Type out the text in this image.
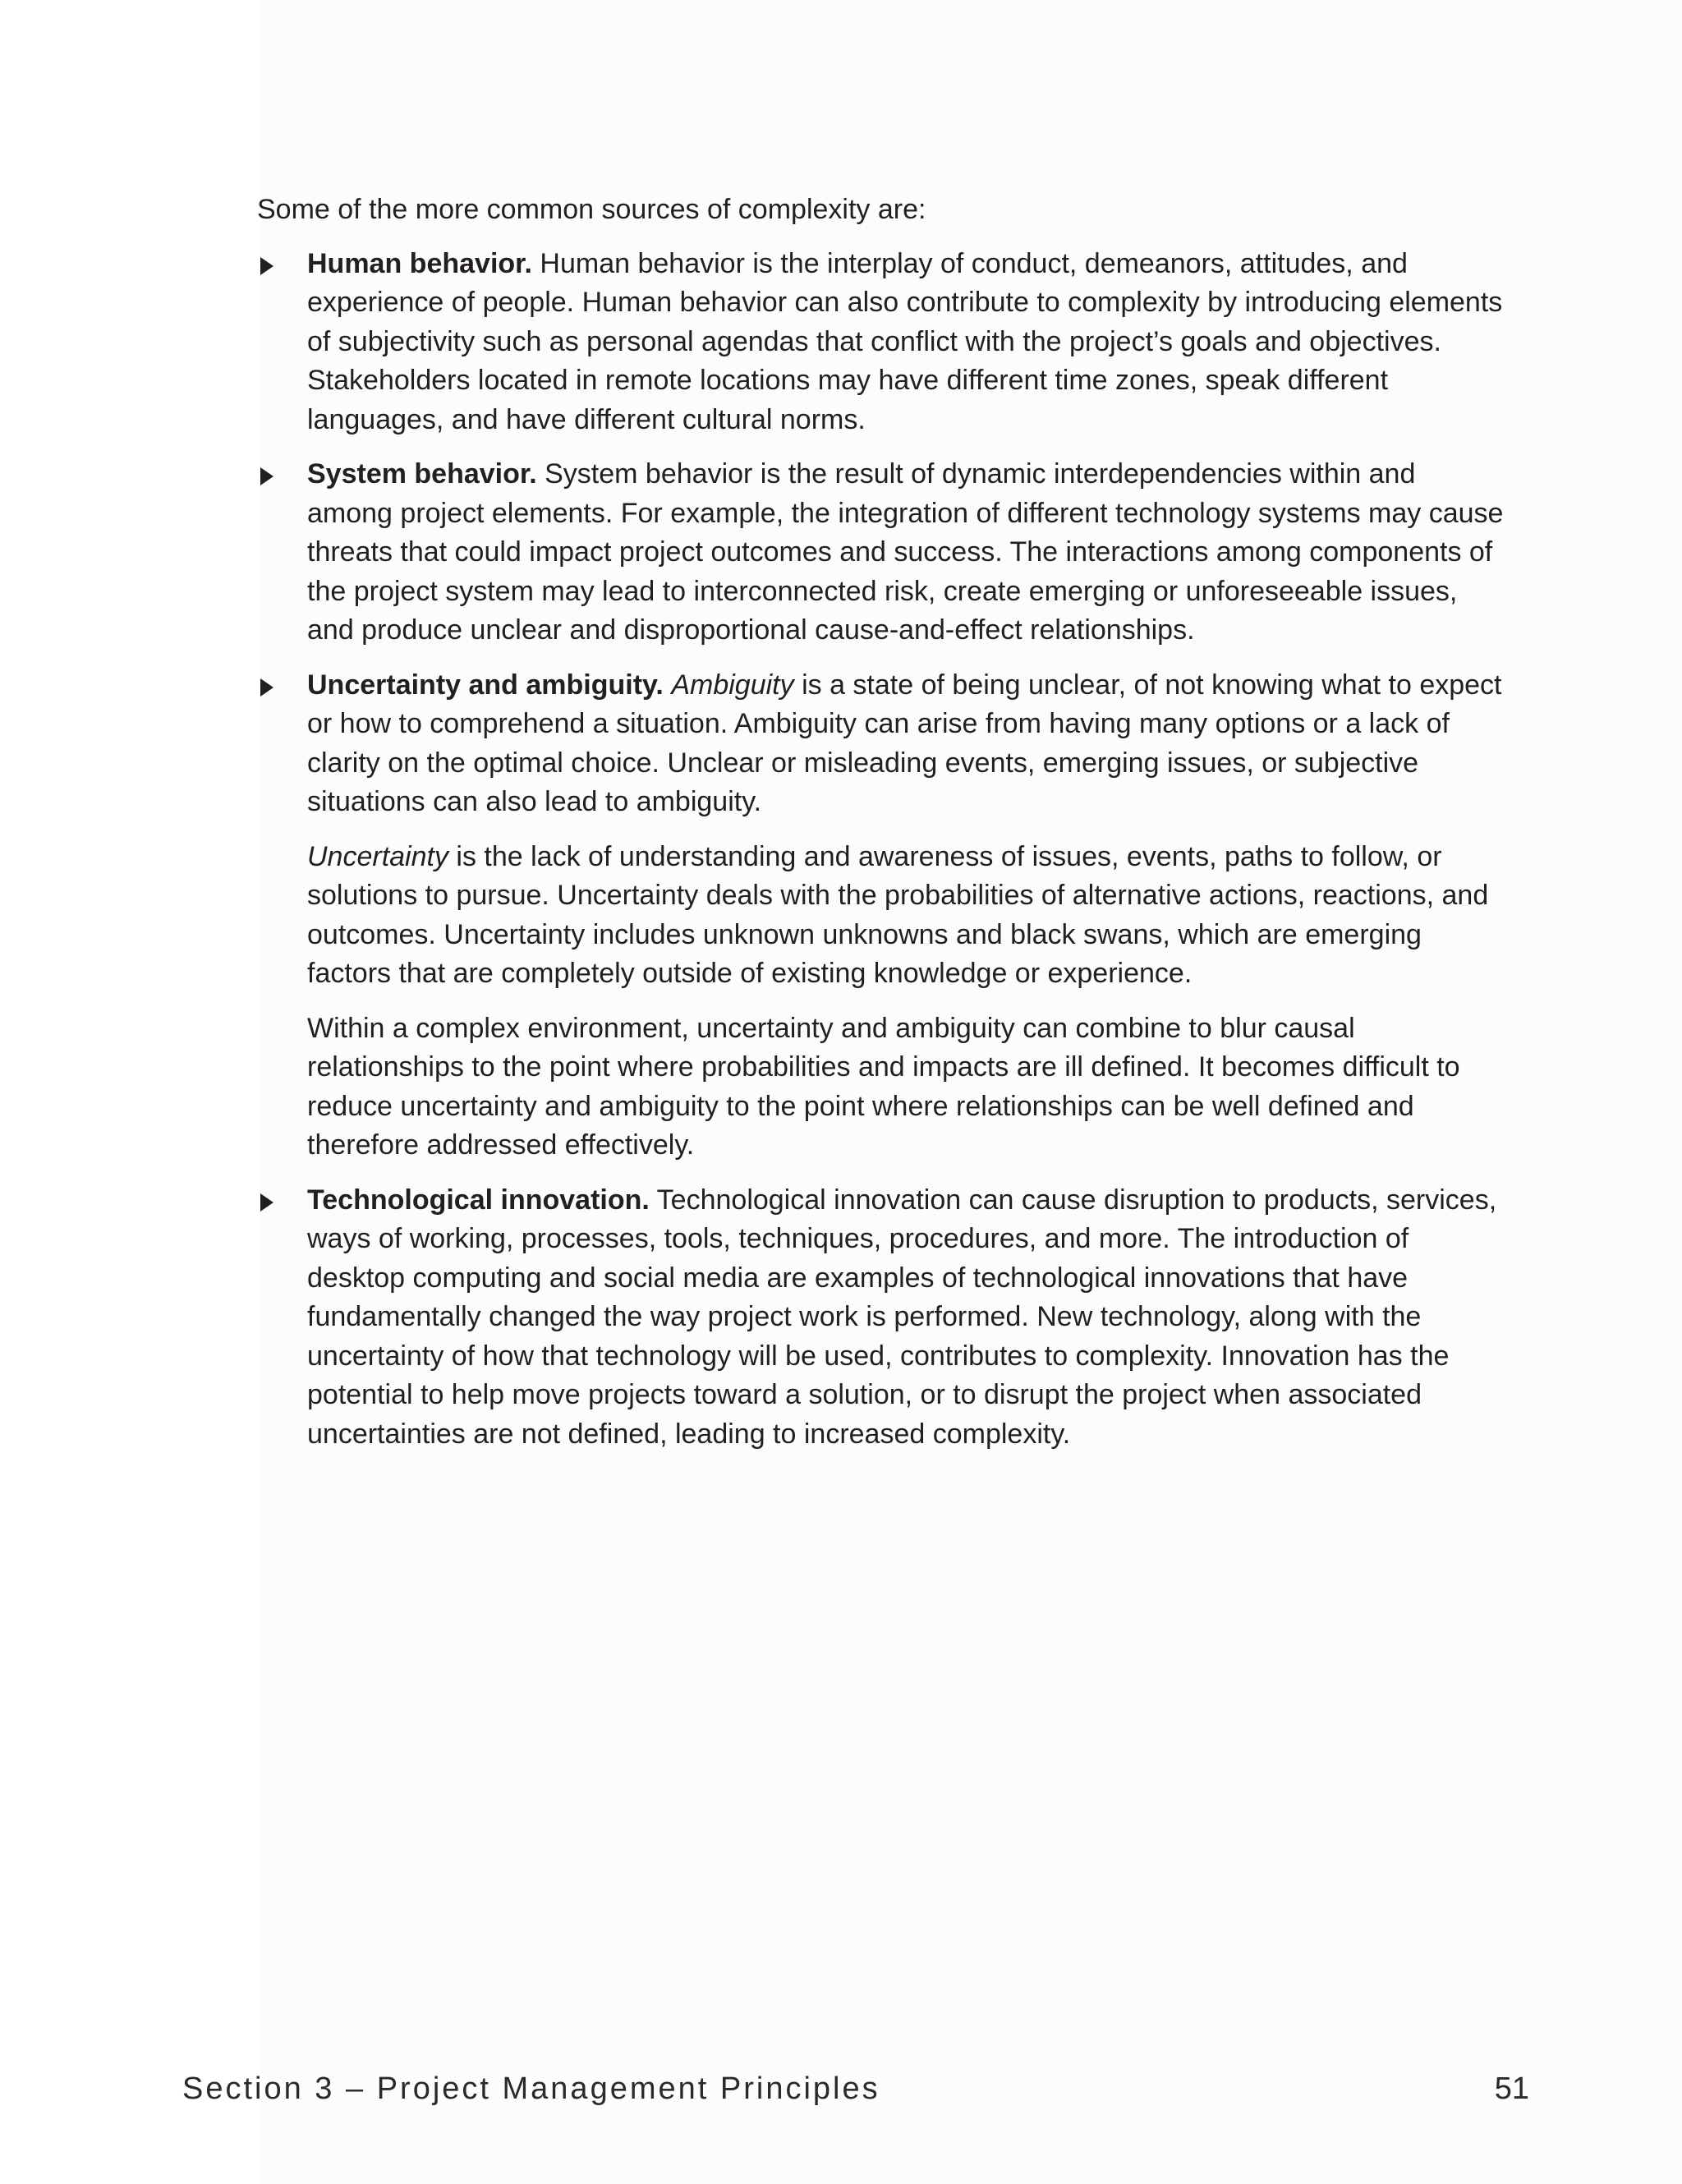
Some of the more common sources of complexity are:

Human behavior. Human behavior is the interplay of conduct, demeanors, attitudes, and experience of people. Human behavior can also contribute to complexity by introducing elements of subjectivity such as personal agendas that conflict with the project’s goals and objectives. Stakeholders located in remote locations may have different time zones, speak different languages, and have different cultural norms.

System behavior. System behavior is the result of dynamic interdependencies within and among project elements. For example, the integration of different technology systems may cause threats that could impact project outcomes and success. The interactions among components of the project system may lead to interconnected risk, create emerging or unforeseeable issues, and produce unclear and disproportional cause-and-effect relationships.

Uncertainty and ambiguity. Ambiguity is a state of being unclear, of not knowing what to expect or how to comprehend a situation. Ambiguity can arise from having many options or a lack of clarity on the optimal choice. Unclear or misleading events, emerging issues, or subjective situations can also lead to ambiguity.

Uncertainty is the lack of understanding and awareness of issues, events, paths to follow, or solutions to pursue. Uncertainty deals with the probabilities of alternative actions, reactions, and outcomes. Uncertainty includes unknown unknowns and black swans, which are emerging factors that are completely outside of existing knowledge or experience.

Within a complex environment, uncertainty and ambiguity can combine to blur causal relationships to the point where probabilities and impacts are ill defined. It becomes difficult to reduce uncertainty and ambiguity to the point where relationships can be well defined and therefore addressed effectively.

Technological innovation. Technological innovation can cause disruption to products, services, ways of working, processes, tools, techniques, procedures, and more. The introduction of desktop computing and social media are examples of technological innovations that have fundamentally changed the way project work is performed. New technology, along with the uncertainty of how that technology will be used, contributes to complexity. Innovation has the potential to help move projects toward a solution, or to disrupt the project when associated uncertainties are not defined, leading to increased complexity.

Section 3 – Project Management Principles	51
